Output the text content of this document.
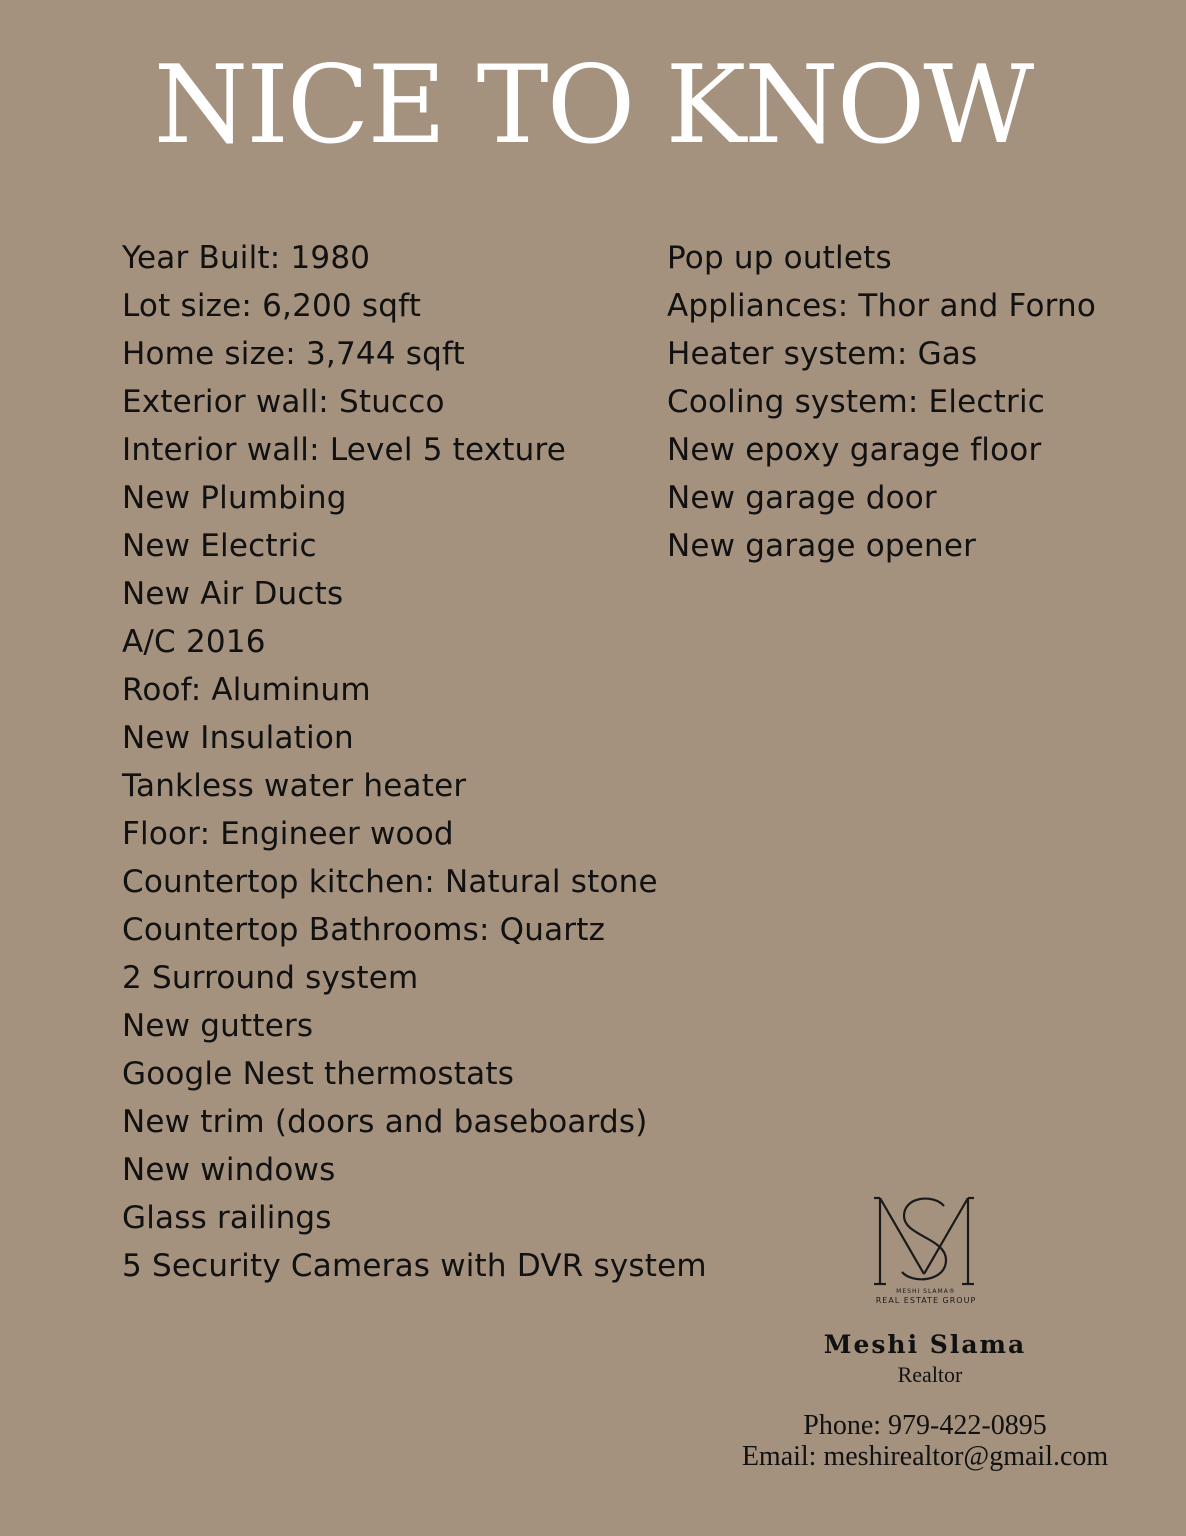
NICE TO KNOW
Year Built: 1980
Lot size: 6,200 sqft
Home size: 3,744 sqft
Exterior wall: Stucco
Interior wall: Level 5 texture
New Plumbing
New Electric
New Air Ducts
A/C 2016
Roof: Aluminum
New Insulation
Tankless water heater
Floor: Engineer wood
Countertop kitchen: Natural stone
Countertop Bathrooms: Quartz
2 Surround system
New gutters
Google Nest thermostats
New trim (doors and baseboards)
New windows
Glass railings
5 Security Cameras with DVR system
Pop up outlets
Appliances: Thor and Forno
Heater system: Gas
Cooling system: Electric
New epoxy garage floor
New garage door
New garage opener
MESHI SLAMA®
REAL ESTATE GROUP
Meshi Slama
Realtor
Phone: 979-422-0895
Email: meshirealtor@gmail.com
